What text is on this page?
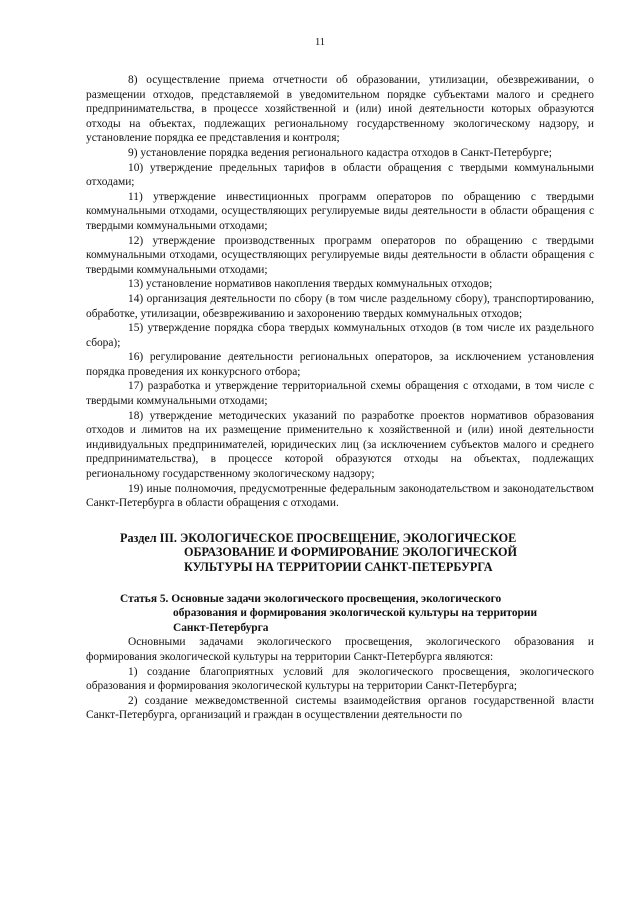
11

8) осуществление приема отчетности об образовании, утилизации, обезвреживании, о размещении отходов, представляемой в уведомительном порядке субъектами малого и среднего предпринимательства, в процессе хозяйственной и (или) иной деятельности которых образуются отходы на объектах, подлежащих региональному государственному экологическому надзору, и установление порядка ее представления и контроля;

9) установление порядка ведения регионального кадастра отходов в Санкт-Петербурге;

10) утверждение предельных тарифов в области обращения с твердыми коммунальными отходами;

11) утверждение инвестиционных программ операторов по обращению с твердыми коммунальными отходами, осуществляющих регулируемые виды деятельности в области обращения с твердыми коммунальными отходами;

12) утверждение производственных программ операторов по обращению с твердыми коммунальными отходами, осуществляющих регулируемые виды деятельности в области обращения с твердыми коммунальными отходами;

13) установление нормативов накопления твердых коммунальных отходов;

14) организация деятельности по сбору (в том числе раздельному сбору), транспортированию, обработке, утилизации, обезвреживанию и захоронению твердых коммунальных отходов;

15) утверждение порядка сбора твердых коммунальных отходов (в том числе их раздельного сбора);

16) регулирование деятельности региональных операторов, за исключением установления порядка проведения их конкурсного отбора;

17) разработка и утверждение территориальной схемы обращения с отходами, в том числе с твердыми коммунальными отходами;

18) утверждение методических указаний по разработке проектов нормативов образования отходов и лимитов на их размещение применительно к хозяйственной и (или) иной деятельности индивидуальных предпринимателей, юридических лиц (за исключением субъектов малого и среднего предпринимательства), в процессе которой образуются отходы на объектах, подлежащих региональному государственному экологическому надзору;

19) иные полномочия, предусмотренные федеральным законодательством и законодательством Санкт-Петербурга в области обращения с отходами.

Раздел III. ЭКОЛОГИЧЕСКОЕ ПРОСВЕЩЕНИЕ, ЭКОЛОГИЧЕСКОЕ
ОБРАЗОВАНИЕ И ФОРМИРОВАНИЕ ЭКОЛОГИЧЕСКОЙ
КУЛЬТУРЫ НА ТЕРРИТОРИИ САНКТ-ПЕТЕРБУРГА
Статья 5. Основные задачи экологического просвещения, экологического
образования и формирования экологической культуры на территории
Санкт-Петербурга

Основными задачами экологического просвещения, экологического образования и формирования экологической культуры на территории Санкт-Петербурга являются:

1) создание благоприятных условий для экологического просвещения, экологического образования и формирования экологической культуры на территории Санкт-Петербурга;

2) создание межведомственной системы взаимодействия органов государственной власти Санкт-Петербурга, организаций и граждан в осуществлении деятельности по
